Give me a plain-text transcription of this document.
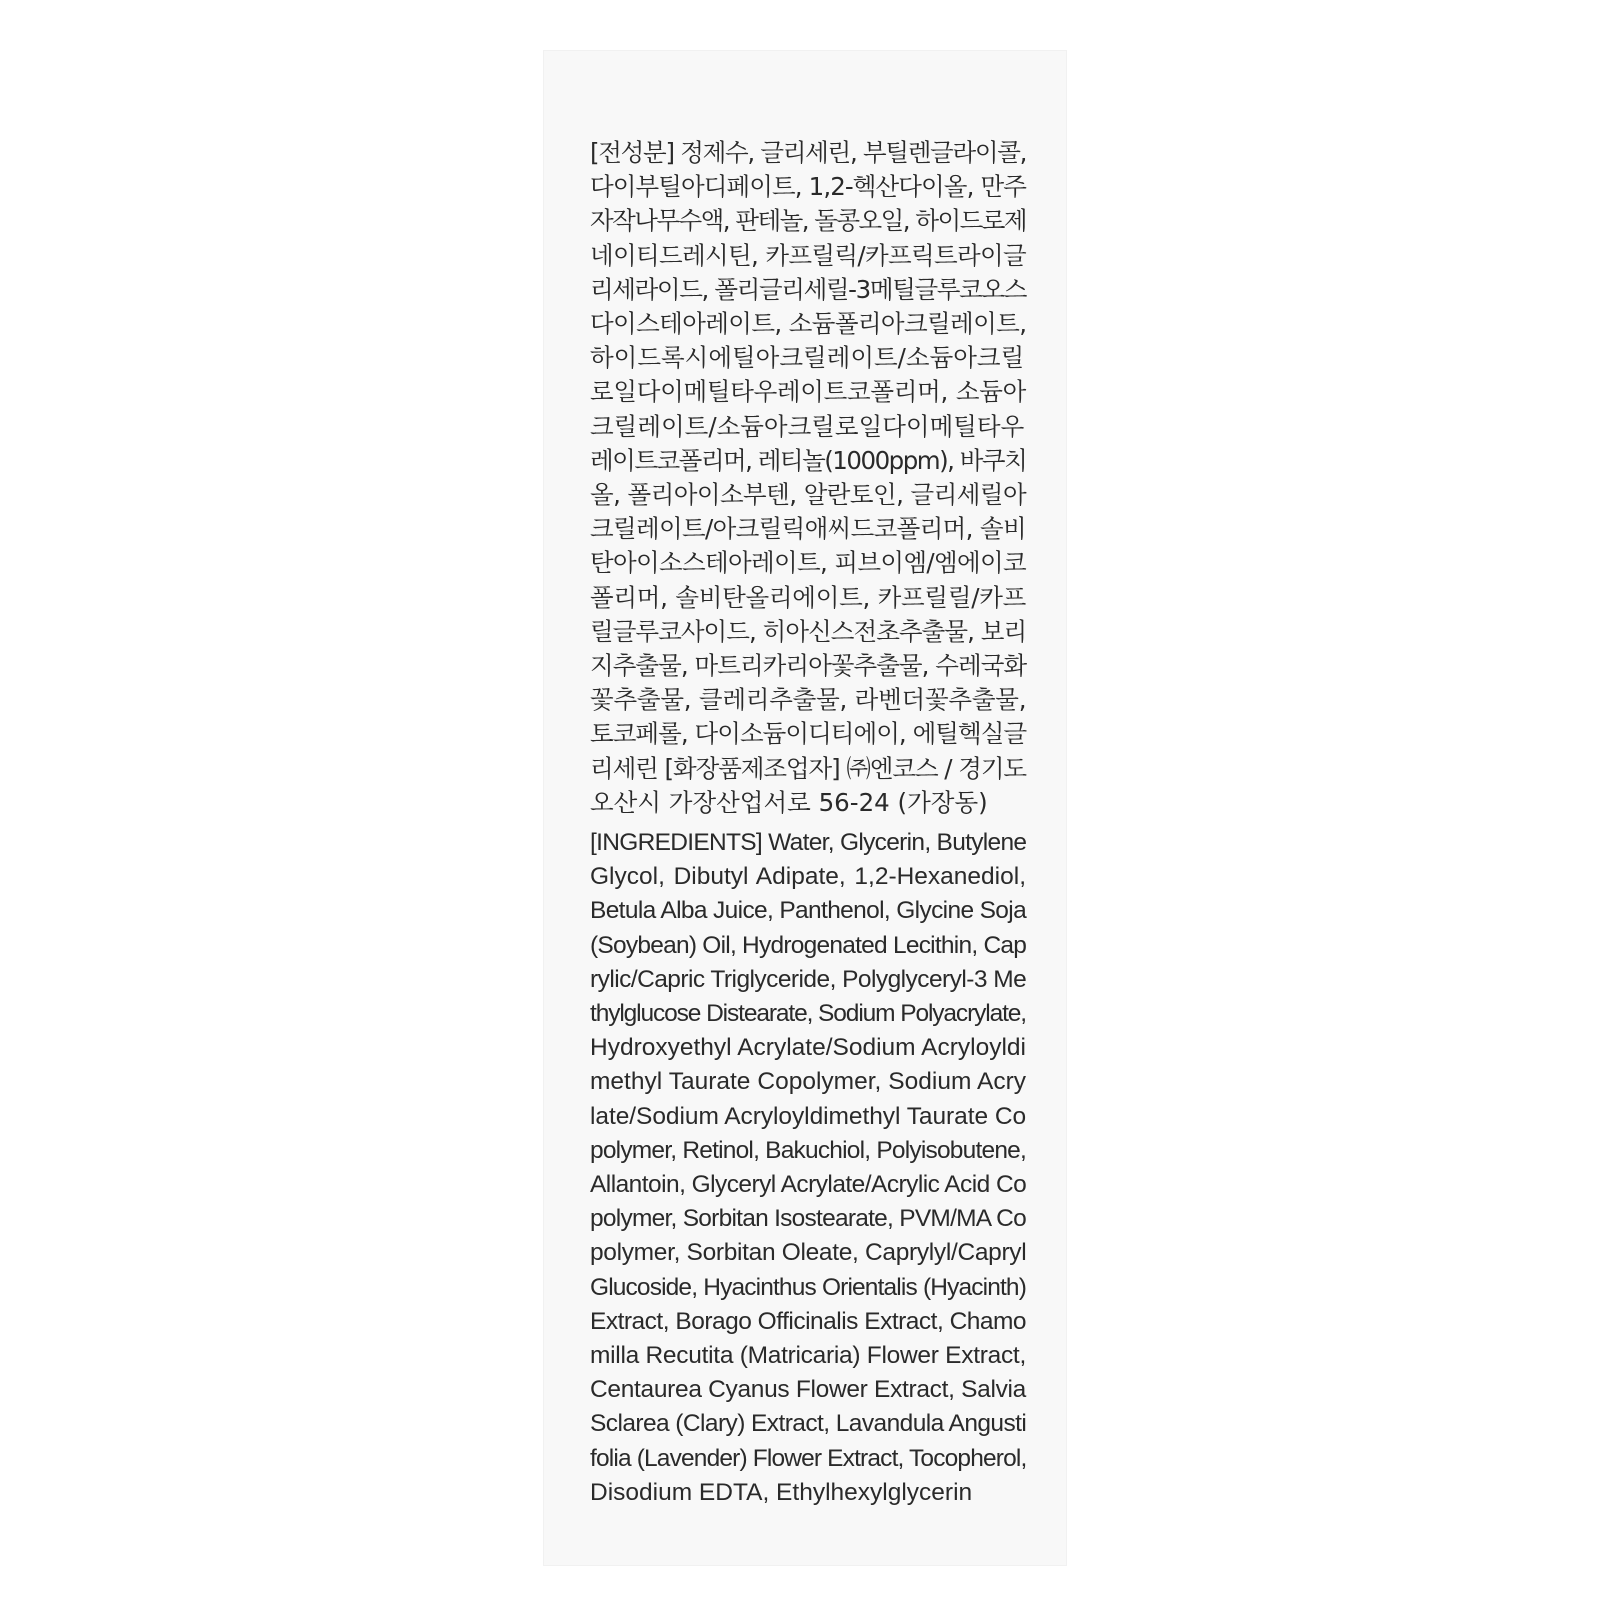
[전성분] 정제수, 글리세린, 부틸렌글라이콜,
다이부틸아디페이트, 1,2-헥산다이올, 만주
자작나무수액, 판테놀, 돌콩오일, 하이드로제
네이티드레시틴, 카프릴릭/카프릭트라이글
리세라이드, 폴리글리세릴-3메틸글루코오스
다이스테아레이트, 소듐폴리아크릴레이트,
하이드록시에틸아크릴레이트/소듐아크릴
로일다이메틸타우레이트코폴리머, 소듐아
크릴레이트/소듐아크릴로일다이메틸타우
레이트코폴리머, 레티놀(1000ppm), 바쿠치
올, 폴리아이소부텐, 알란토인, 글리세릴아
크릴레이트/아크릴릭애씨드코폴리머, 솔비
탄아이소스테아레이트, 피브이엠/엠에이코
폴리머, 솔비탄올리에이트, 카프릴릴/카프
릴글루코사이드, 히아신스전초추출물, 보리
지추출물, 마트리카리아꽃추출물, 수레국화
꽃추출물, 클레리추출물, 라벤더꽃추출물,
토코페롤, 다이소듐이디티에이, 에틸헥실글
리세린 [화장품제조업자] ㈜엔코스 / 경기도
오산시 가장산업서로 56-24 (가장동)
[INGREDIENTS] Water, Glycerin, Butylene
Glycol, Dibutyl Adipate, 1,2-Hexanediol,
Betula Alba Juice, Panthenol, Glycine Soja
(Soybean) Oil, Hydrogenated Lecithin, Cap
rylic/Capric Triglyceride, Polyglyceryl-3 Me
thylglucose Distearate, Sodium Polyacrylate,
Hydroxyethyl Acrylate/Sodium Acryloyldi
methyl Taurate Copolymer, Sodium Acry
late/Sodium Acryloyldimethyl Taurate Co
polymer, Retinol, Bakuchiol, Polyisobutene,
Allantoin, Glyceryl Acrylate/Acrylic Acid Co
polymer, Sorbitan Isostearate, PVM/MA Co
polymer, Sorbitan Oleate, Caprylyl/Capryl
Glucoside, Hyacinthus Orientalis (Hyacinth)
Extract, Borago Officinalis Extract, Chamo
milla Recutita (Matricaria) Flower Extract,
Centaurea Cyanus Flower Extract, Salvia
Sclarea (Clary) Extract, Lavandula Angusti
folia (Lavender) Flower Extract, Tocopherol,
Disodium EDTA, Ethylhexylglycerin
